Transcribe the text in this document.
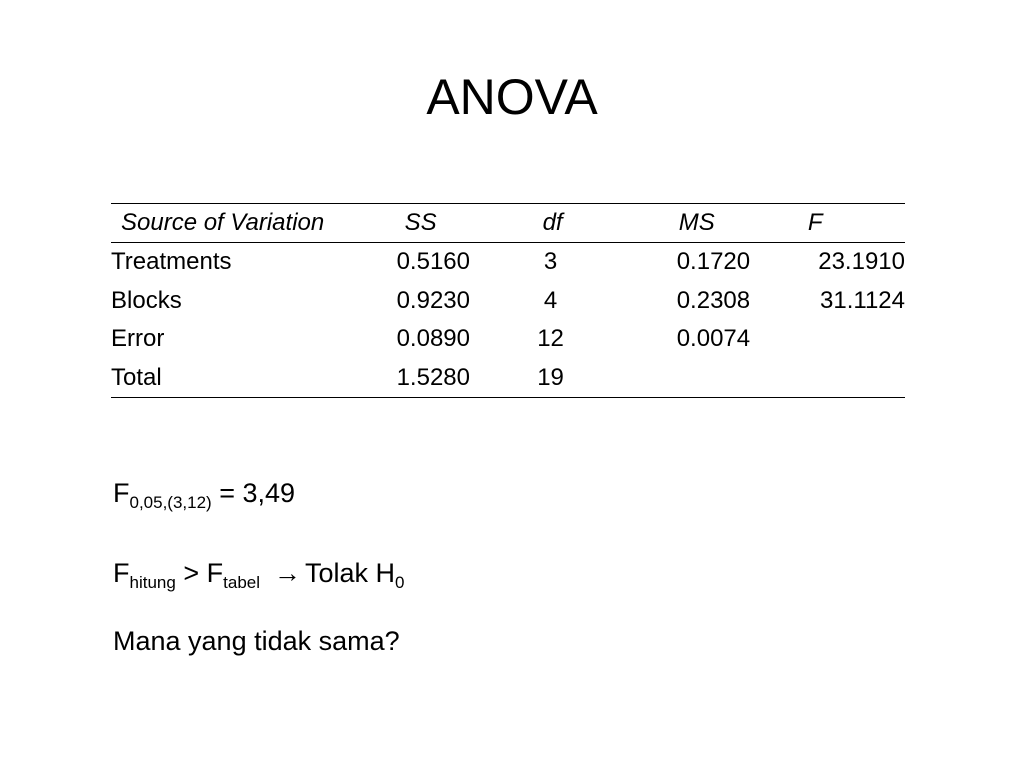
ANOVA
Source of Variation	SS	df	MS	F
Treatments	0.5160	3	0.1720	23.1910
Blocks	0.9230	4	0.2308	31.1124
Error	0.0890	12	0.0074	
Total	1.5280	19		

$F_{0,05,(3,12)} = 3,49$

$F_{hitung} > F_{tabel}$ → Tolak $H_0$

Mana yang tidak sama?
